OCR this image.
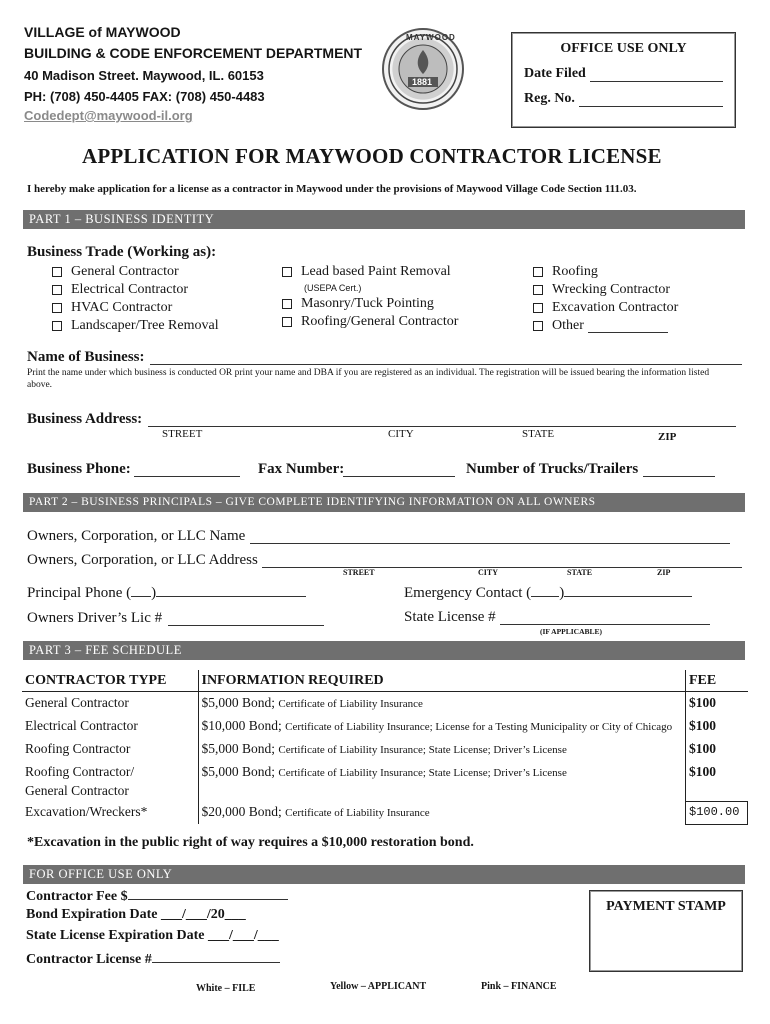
VILLAGE of MAYWOOD
BUILDING & CODE ENFORCEMENT DEPARTMENT
40 Madison Street. Maywood, IL. 60153
PH: (708) 450-4405 FAX: (708) 450-4483
Codedept@maywood-il.org
MAYWOOD
1881
OFFICE USE ONLY
Date Filed
Reg. No.
APPLICATION FOR MAYWOOD CONTRACTOR LICENSE
I hereby make application for a license as a contractor in Maywood under the provisions of Maywood Village Code Section 111.03.
PART 1 – BUSINESS IDENTITY
Business Trade (Working as):
General Contractor
Electrical Contractor
HVAC Contractor
Landscaper/Tree Removal
Lead based Paint Removal
(USEPA Cert.)
Masonry/Tuck Pointing
Roofing/General Contractor
Roofing
Wrecking Contractor
Excavation Contractor
Other
Name of Business:
Print the name under which business is conducted OR print your name and DBA if you are registered as an individual. The registration will be issued bearing the information listed above.
Business Address:
STREET	CITY	STATE	ZIP
Business Phone:	Fax Number:	Number of Trucks/Trailers
PART 2 – BUSINESS PRINCIPALS – GIVE COMPLETE IDENTIFYING INFORMATION ON ALL OWNERS
Owners, Corporation, or LLC Name
Owners, Corporation, or LLC Address
STREET	CITY	STATE	ZIP
Principal Phone ( )	Emergency Contact ( )
Owners Driver’s Lic #	State License #
(IF APPLICABLE)
PART 3 – FEE SCHEDULE
CONTRACTOR TYPE	INFORMATION REQUIRED	FEE
General Contractor	$5,000 Bond; Certificate of Liability Insurance	$100
Electrical Contractor	$10,000 Bond; Certificate of Liability Insurance; License for a Testing Municipality or City of Chicago	$100
Roofing Contractor	$5,000 Bond; Certificate of Liability Insurance; State License; Driver’s License	$100

Roofing Contractor/
General Contractor	$5,000 Bond; Certificate of Liability Insurance; State License; Driver’s License	$100
Excavation/Wreckers*	$20,000 Bond; Certificate of Liability Insurance	$100.00
*Excavation in the public right of way requires a $10,000 restoration bond.
FOR OFFICE USE ONLY
Contractor Fee $
Bond Expiration Date ___/___/20___
State License Expiration Date ___/___/___
Contractor License #
PAYMENT STAMP
White – FILE	Yellow – APPLICANT	Pink – FINANCE
